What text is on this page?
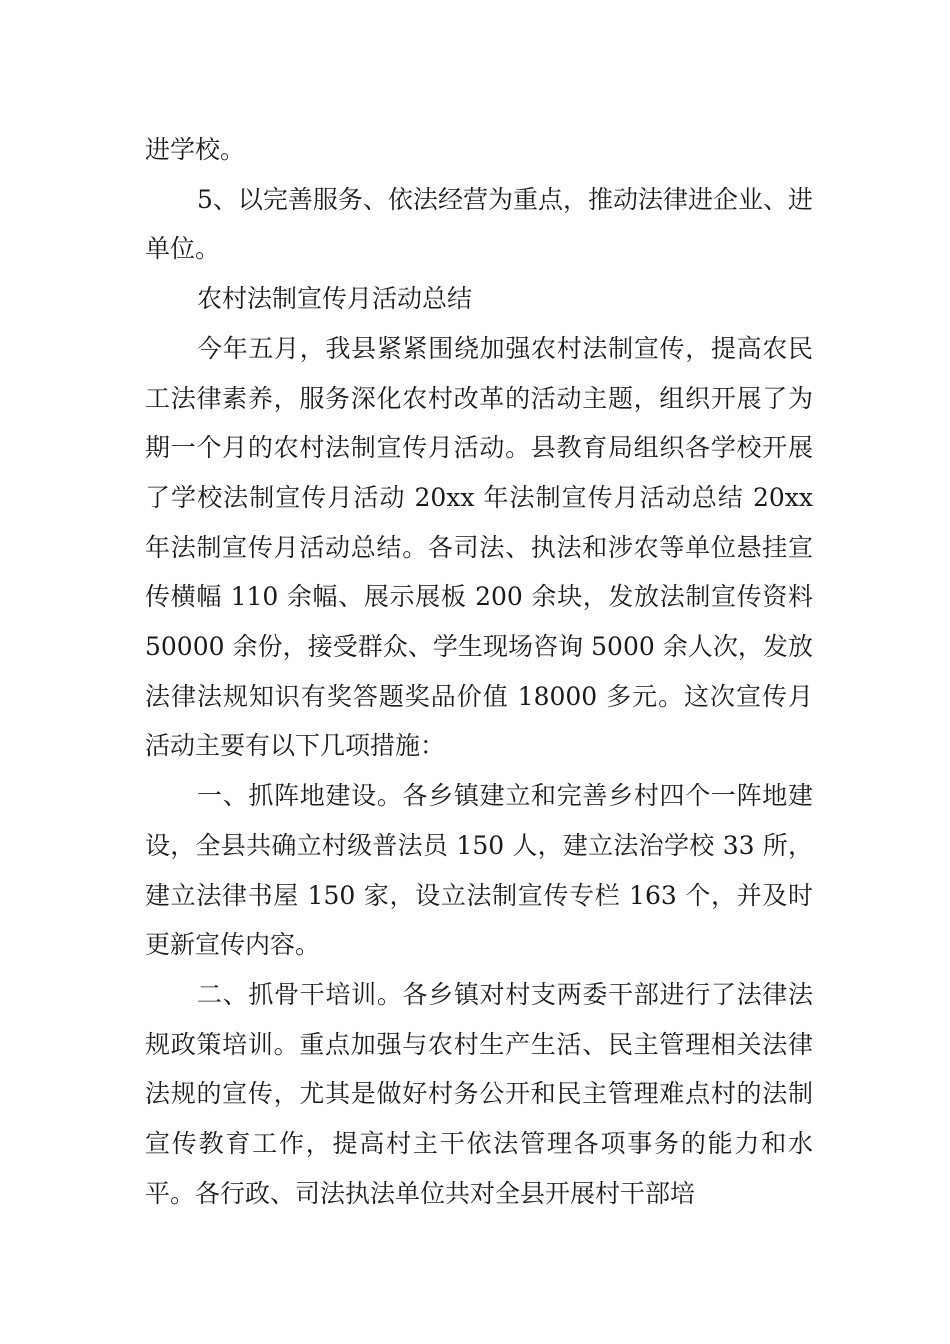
进学校。

5、以完善服务、依法经营为重点，推动法律进企业、进单位。

农村法制宣传月活动总结

今年五月，我县紧紧围绕加强农村法制宣传，提高农民工法律素养，服务深化农村改革的活动主题，组织开展了为期一个月的农村法制宣传月活动。县教育局组织各学校开展了学校法制宣传月活动 20xx 年法制宣传月活动总结 20xx 年法制宣传月活动总结。各司法、执法和涉农等单位悬挂宣传横幅 110 余幅、展示展板 200 余块，发放法制宣传资料 50000 余份，接受群众、学生现场咨询 5000 余人次，发放法律法规知识有奖答题奖品价值 18000 多元。这次宣传月活动主要有以下几项措施：

一、抓阵地建设。各乡镇建立和完善乡村四个一阵地建设，全县共确立村级普法员 150 人，建立法治学校 33 所，建立法律书屋 150 家，设立法制宣传专栏 163 个，并及时更新宣传内容。

二、抓骨干培训。各乡镇对村支两委干部进行了法律法规政策培训。重点加强与农村生产生活、民主管理相关法律法规的宣传，尤其是做好村务公开和民主管理难点村的法制宣传教育工作，提高村主干依法管理各项事务的能力和水平。各行政、司法执法单位共对全县开展村干部培
